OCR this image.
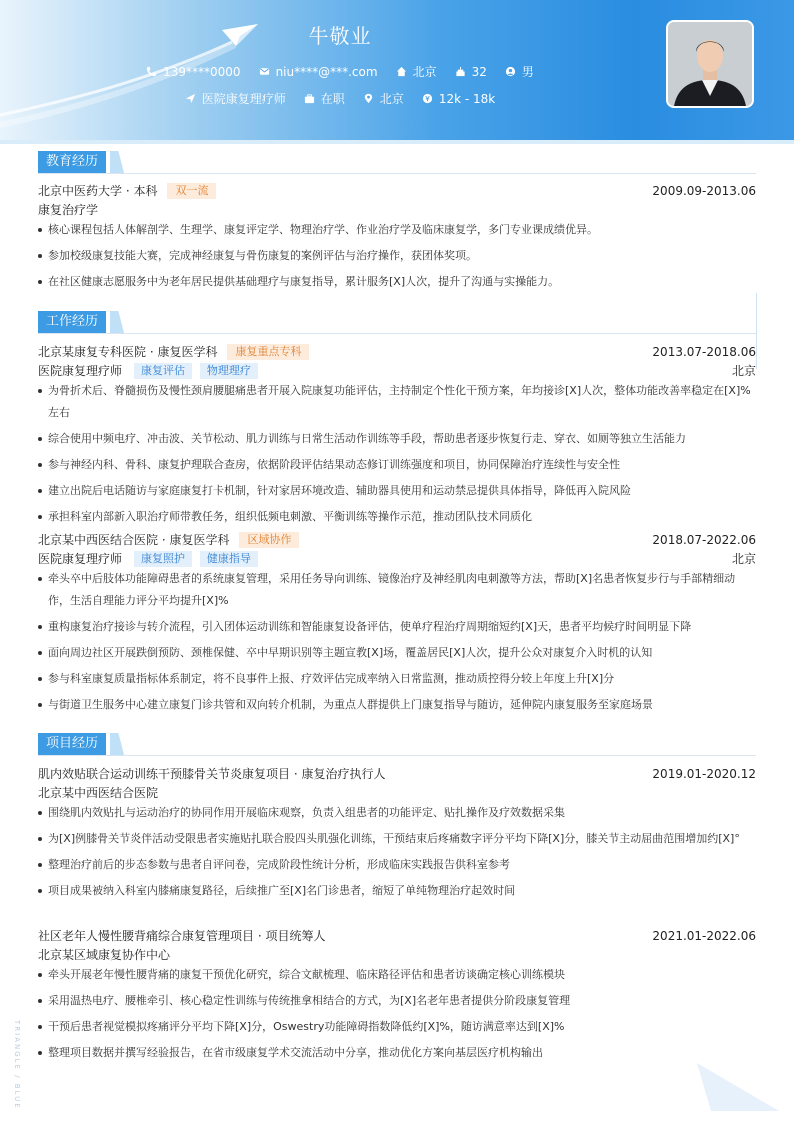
牛敬业
139****0000	niu****@***.com	北京	32	男
医院康复理疗师	在职	北京	12k - 18k
教育经历
北京中医药大学 · 本科	双一流	2009.09-2013.06
康复治疗学
核心课程包括人体解剖学、生理学、康复评定学、物理治疗学、作业治疗学及临床康复学，多门专业课成绩优异。
参加校级康复技能大赛，完成神经康复与骨伤康复的案例评估与治疗操作，获团体奖项。
在社区健康志愿服务中为老年居民提供基础理疗与康复指导，累计服务[X]人次，提升了沟通与实操能力。
工作经历
北京某康复专科医院 · 康复医学科	康复重点专科	2013.07-2018.06
医院康复理疗师	康复评估 物理理疗	北京
为骨折术后、脊髓损伤及慢性颈肩腰腿痛患者开展入院康复功能评估，主持制定个性化干预方案，年均接诊[X]人次，整体功能改善率稳定在[X]%左右
综合使用中频电疗、冲击波、关节松动、肌力训练与日常生活动作训练等手段，帮助患者逐步恢复行走、穿衣、如厕等独立生活能力
参与神经内科、骨科、康复护理联合查房，依据阶段评估结果动态修订训练强度和项目，协同保障治疗连续性与安全性
建立出院后电话随访与家庭康复打卡机制，针对家居环境改造、辅助器具使用和运动禁忌提供具体指导，降低再入院风险
承担科室内部新入职治疗师带教任务，组织低频电刺激、平衡训练等操作示范，推动团队技术同质化
北京某中西医结合医院 · 康复医学科	区域协作	2018.07-2022.06
医院康复理疗师	康复照护 健康指导	北京
牵头卒中后肢体功能障碍患者的系统康复管理，采用任务导向训练、镜像治疗及神经肌肉电刺激等方法，帮助[X]名患者恢复步行与手部精细动作，生活自理能力评分平均提升[X]%
重构康复治疗接诊与转介流程，引入团体运动训练和智能康复设备评估，使单疗程治疗周期缩短约[X]天，患者平均候疗时间明显下降
面向周边社区开展跌倒预防、颈椎保健、卒中早期识别等主题宣教[X]场，覆盖居民[X]人次，提升公众对康复介入时机的认知
参与科室康复质量指标体系制定，将不良事件上报、疗效评估完成率纳入日常监测，推动质控得分较上年度上升[X]分
与街道卫生服务中心建立康复门诊共管和双向转介机制，为重点人群提供上门康复指导与随访，延伸院内康复服务至家庭场景
项目经历
肌内效贴联合运动训练干预膝骨关节炎康复项目 · 康复治疗执行人	2019.01-2020.12
北京某中西医结合医院
围绕肌内效贴扎与运动治疗的协同作用开展临床观察，负责入组患者的功能评定、贴扎操作及疗效数据采集
为[X]例膝骨关节炎伴活动受限患者实施贴扎联合股四头肌强化训练，干预结束后疼痛数字评分平均下降[X]分，膝关节主动屈曲范围增加约[X]°
整理治疗前后的步态参数与患者自评问卷，完成阶段性统计分析，形成临床实践报告供科室参考
项目成果被纳入科室内膝痛康复路径，后续推广至[X]名门诊患者，缩短了单纯物理治疗起效时间
社区老年人慢性腰背痛综合康复管理项目 · 项目统筹人	2021.01-2022.06
北京某区域康复协作中心
牵头开展老年慢性腰背痛的康复干预优化研究，综合文献梳理、临床路径评估和患者访谈确定核心训练模块
采用温热电疗、腰椎牵引、核心稳定性训练与传统推拿相结合的方式，为[X]名老年患者提供分阶段康复管理
干预后患者视觉模拟疼痛评分平均下降[X]分，Oswestry功能障碍指数降低约[X]%，随访满意率达到[X]%
整理项目数据并撰写经验报告，在省市级康复学术交流活动中分享，推动优化方案向基层医疗机构输出
TRIANGLE / BLUE
